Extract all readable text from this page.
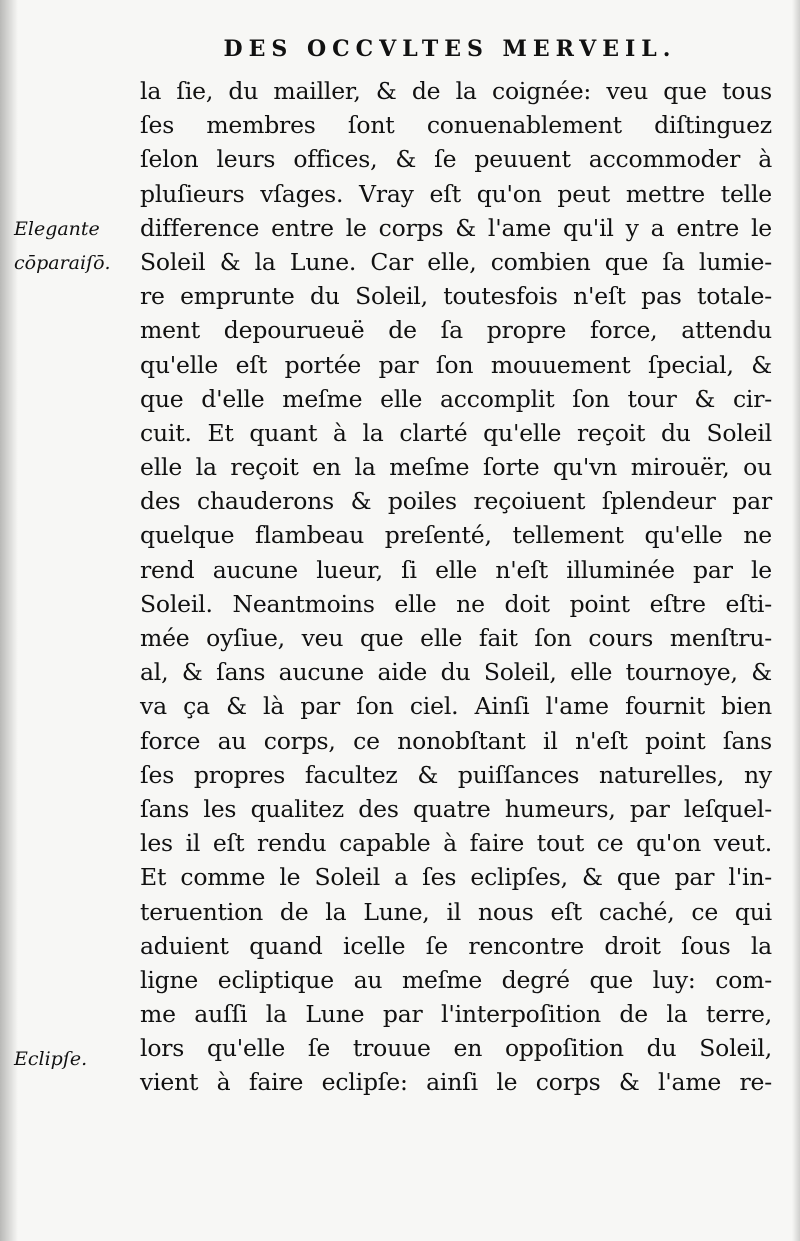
DES OCCVLTES MERVEIL.
Elegante
cōparaiſō.
Eclipſe.
la ſie, du mailler, & de la coignée: veu que tous
ſes membres ſont conuenablement diſtinguez
ſelon leurs offices, & ſe peuuent accommoder à
pluſieurs vſages. Vray eſt qu'on peut mettre telle
difference entre le corps & l'ame qu'il y a entre le
Soleil & la Lune. Car elle, combien que ſa lumie-
re emprunte du Soleil, toutesfois n'eſt pas totale-
ment depourueuë de ſa propre force, attendu
qu'elle eſt portée par ſon mouuement ſpecial, &
que d'elle meſme elle accomplit ſon tour & cir-
cuit. Et quant à la clarté qu'elle reçoit du Soleil
elle la reçoit en la meſme ſorte qu'vn mirouër, ou
des chauderons & poiles reçoiuent ſplendeur par
quelque flambeau preſenté, tellement qu'elle ne
rend aucune lueur, ſi elle n'eſt illuminée par le
Soleil. Neantmoins elle ne doit point eſtre eſti-
mée oyſiue, veu que elle fait ſon cours menſtru-
al, & ſans aucune aide du Soleil, elle tournoye, &
va ça & là par ſon ciel. Ainſi l'ame fournit bien
force au corps, ce nonobſtant il n'eſt point ſans
ſes propres facultez & puiſſances naturelles, ny
ſans les qualitez des quatre humeurs, par leſquel-
les il eſt rendu capable à faire tout ce qu'on veut.
Et comme le Soleil a ſes eclipſes, & que par l'in-
teruention de la Lune, il nous eſt caché, ce qui
aduient quand icelle ſe rencontre droit ſous la
ligne ecliptique au meſme degré que luy: com-
me auſſi la Lune par l'interpoſition de la terre,
lors qu'elle ſe trouue en oppoſition du Soleil,
vient à faire eclipſe: ainſi le corps & l'ame re-
